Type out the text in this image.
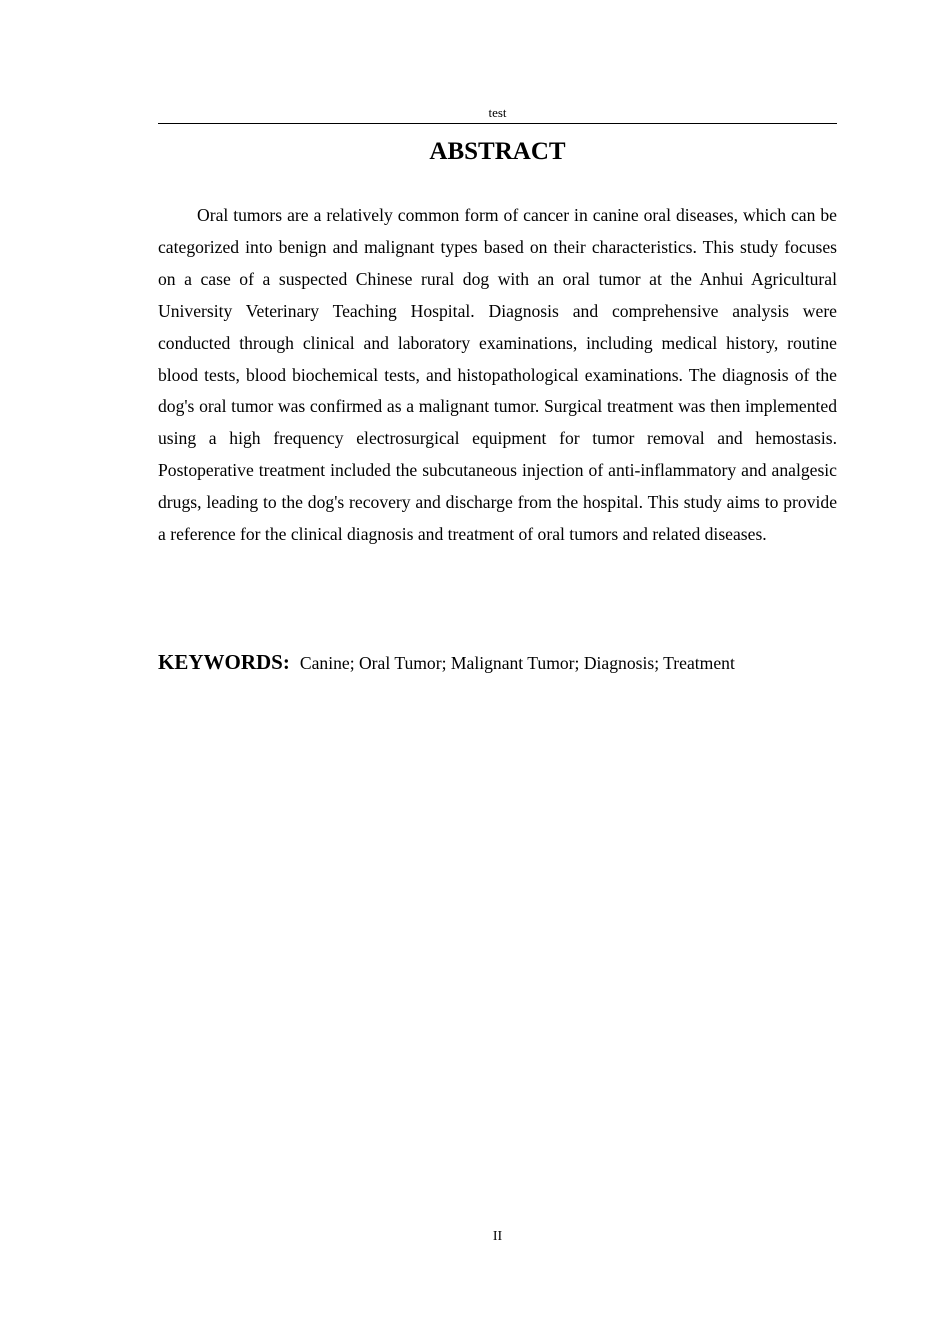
test
ABSTRACT

Oral tumors are a relatively common form of cancer in canine oral diseases, which can be categorized into benign and malignant types based on their characteristics. This study focuses on a case of a suspected Chinese rural dog with an oral tumor at the Anhui Agricultural University Veterinary Teaching Hospital. Diagnosis and comprehensive analysis were conducted through clinical and laboratory examinations, including medical history, routine blood tests, blood biochemical tests, and histopathological examinations. The diagnosis of the dog's oral tumor was confirmed as a malignant tumor. Surgical treatment was then implemented using a high frequency electrosurgical equipment for tumor removal and hemostasis. Postoperative treatment included the subcutaneous injection of anti-inflammatory and analgesic drugs, leading to the dog's recovery and discharge from the hospital. This study aims to provide a reference for the clinical diagnosis and treatment of oral tumors and related diseases.

KEYWORDS: Canine; Oral Tumor; Malignant Tumor; Diagnosis; Treatment

II
